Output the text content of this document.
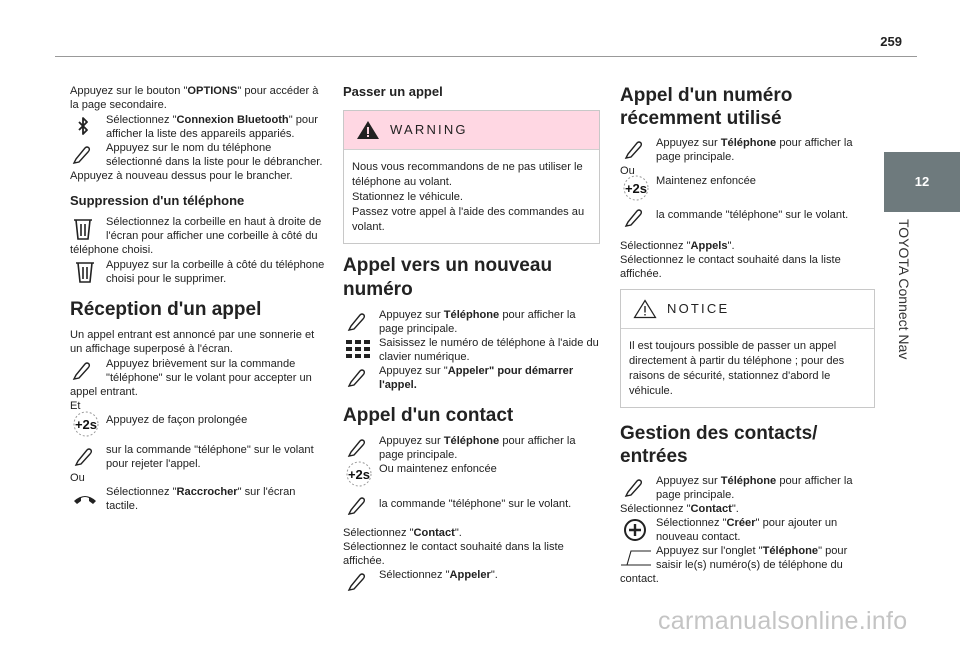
259
12
TOYOTA Connect Nav
carmanualsonline.info

Appuyez sur le bouton "OPTIONS" pour accéder à la page secondaire.

Sélectionnez "Connexion Bluetooth" pour afficher la liste des appareils appariés.
Appuyez sur le nom du téléphone sélectionné dans la liste pour le débrancher.

Appuyez à nouveau dessus pour le brancher.

Suppression d'un téléphone
Sélectionnez la corbeille en haut à droite de l'écran pour afficher une corbeille à côté du téléphone choisi.
Appuyez sur la corbeille à côté du téléphone choisi pour le supprimer.
Réception d'un appel

Un appel entrant est annoncé par une sonnerie et un affichage superposé à l'écran.

Appuyez brièvement sur la commande "téléphone" sur le volant pour accepter un appel entrant.

Et

+2s Appuyez de façon prolongée
sur la commande "téléphone" sur le volant pour rejeter l'appel.

Ou

Sélectionnez "Raccrocher" sur l'écran tactile.
Passer un appel
WARNING

Nous vous recommandons de ne pas utiliser le téléphone au volant.

Stationnez le véhicule.

Passez votre appel à l'aide des commandes au volant.

Appel vers un nouveau numéro
Appuyez sur Téléphone pour afficher la page principale.
Saisissez le numéro de téléphone à l'aide du clavier numérique.
Appuyez sur "Appeler" pour démarrer l'appel.
Appel d'un contact
Appuyez sur Téléphone pour afficher la page principale.
+2s Ou maintenez enfoncée
la commande "téléphone" sur le volant.

Sélectionnez "Contact".

Sélectionnez le contact souhaité dans la liste affichée.

Sélectionnez "Appeler".
Appel d'un numéro récemment utilisé
Appuyez sur Téléphone pour afficher la page principale.

Ou

+2s Maintenez enfoncée
la commande "téléphone" sur le volant.

Sélectionnez "Appels".

Sélectionnez le contact souhaité dans la liste affichée.

NOTICE

Il est toujours possible de passer un appel directement à partir du téléphone ; pour des raisons de sécurité, stationnez d'abord le véhicule.

Gestion des contacts/ entrées
Appuyez sur Téléphone pour afficher la page principale.

Sélectionnez "Contact".

Sélectionnez "Créer" pour ajouter un nouveau contact.
Appuyez sur l'onglet "Téléphone" pour saisir le(s) numéro(s) de téléphone du contact.
